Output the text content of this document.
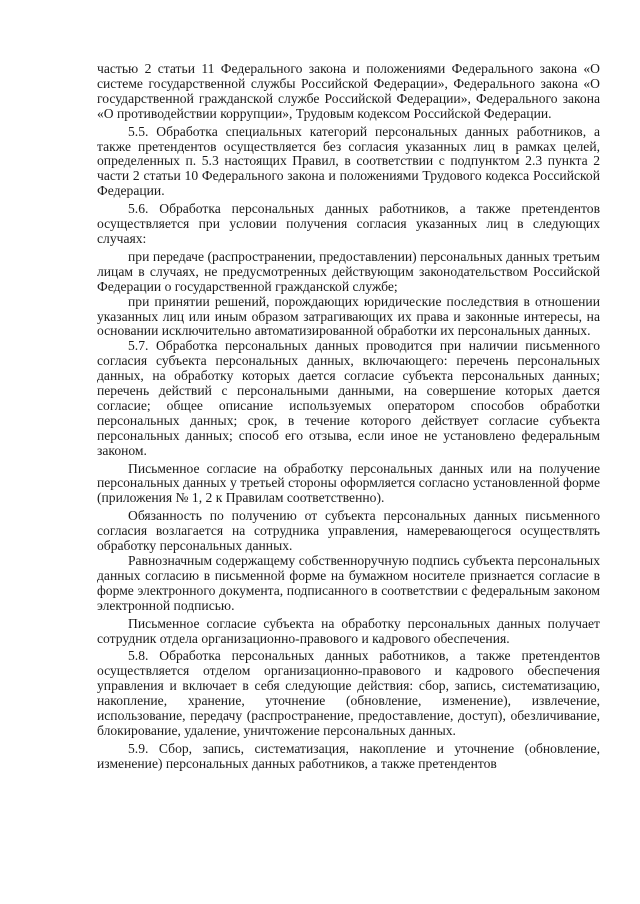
частью 2 статьи 11 Федерального закона и положениями Федерального закона «О системе государственной службы Российской Федерации», Федерального закона «О государственной гражданской службе Российской Федерации», Федерального закона «О противодействии коррупции», Трудовым кодексом Российской Федерации.

5.5. Обработка специальных категорий персональных данных работников, а также претендентов осуществляется без согласия указанных лиц в рамках целей, определенных п. 5.3 настоящих Правил, в соответствии с подпунктом 2.3 пункта 2 части 2 статьи 10 Федерального закона и положениями Трудового кодекса Российской Федерации.

5.6. Обработка персональных данных работников, а также претендентов осуществляется при условии получения согласия указанных лиц в следующих случаях:

при передаче (распространении, предоставлении) персональных данных третьим лицам в случаях, не предусмотренных действующим законодательством Российской Федерации о государственной гражданской службе;

при принятии решений, порождающих юридические последствия в отношении указанных лиц или иным образом затрагивающих их права и законные интересы, на основании исключительно автоматизированной обработки их персональных данных.

5.7. Обработка персональных данных проводится при наличии письменного согласия субъекта персональных данных, включающего: перечень персональных данных, на обработку которых дается согласие субъекта персональных данных; перечень действий с персональными данными, на совершение которых дается согласие; общее описание используемых оператором способов обработки персональных данных; срок, в течение которого действует согласие субъекта персональных данных; способ его отзыва, если иное не установлено федеральным законом.

Письменное согласие на обработку персональных данных или на получение персональных данных у третьей стороны оформляется согласно установленной форме (приложения № 1, 2 к Правилам соответственно).

Обязанность по получению от субъекта персональных данных письменного согласия возлагается на сотрудника управления, намеревающегося осуществлять обработку персональных данных.

Равнозначным содержащему собственноручную подпись субъекта персональных данных согласию в письменной форме на бумажном носителе признается согласие в форме электронного документа, подписанного в соответствии с федеральным законом электронной подписью.

Письменное согласие субъекта на обработку персональных данных получает сотрудник отдела организационно-правового и кадрового обеспечения.

5.8. Обработка персональных данных работников, а также претендентов осуществляется отделом организационно-правового и кадрового обеспечения управления и включает в себя следующие действия: сбор, запись, систематизацию, накопление, хранение, уточнение (обновление, изменение), извлечение, использование, передачу (распространение, предоставление, доступ), обезличивание, блокирование, удаление, уничтожение персональных данных.

5.9. Сбор, запись, систематизация, накопление и уточнение (обновление, изменение) персональных данных работников, а также претендентов
